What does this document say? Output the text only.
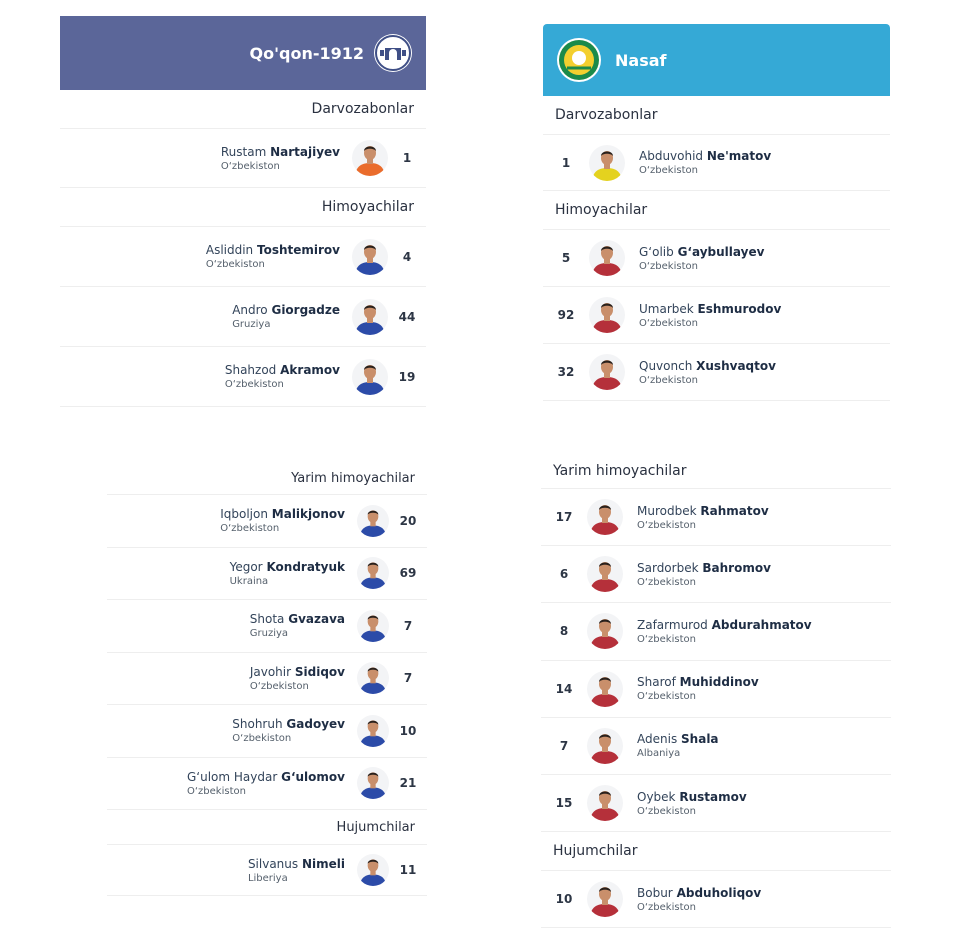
Qo'qon-1912
Darvozabonlar
Rustam Nartajiyev
O‘zbekiston
1
Himoyachilar
Asliddin Toshtemirov
O‘zbekiston
4
Andro Giorgadze
Gruziya
44
Shahzod Akramov
O‘zbekiston
19
Nasaf
Darvozabonlar
1	Abduvohid Ne'matov
O‘zbekiston
Himoyachilar
5	G‘olib G‘aybullayev
O‘zbekiston
92	Umarbek Eshmurodov
O‘zbekiston
32	Quvonch Xushvaqtov
O‘zbekiston
Yarim himoyachilar
Iqboljon Malikjonov
O‘zbekiston
20
Yegor Kondratyuk
Ukraina
69
Shota Gvazava
Gruziya
7
Javohir Sidiqov
O‘zbekiston
7
Shohruh Gadoyev
O‘zbekiston
10
G‘ulom Haydar G‘ulomov
O‘zbekiston
21
Hujumchilar
Silvanus Nimeli
Liberiya
11
Yarim himoyachilar
17	Murodbek Rahmatov
O‘zbekiston
6	Sardorbek Bahromov
O‘zbekiston
8	Zafarmurod Abdurahmatov
O‘zbekiston
14	Sharof Muhiddinov
O‘zbekiston
7	Adenis Shala
Albaniya
15	Oybek Rustamov
O‘zbekiston
Hujumchilar
10	Bobur Abduholiqov
O‘zbekiston
